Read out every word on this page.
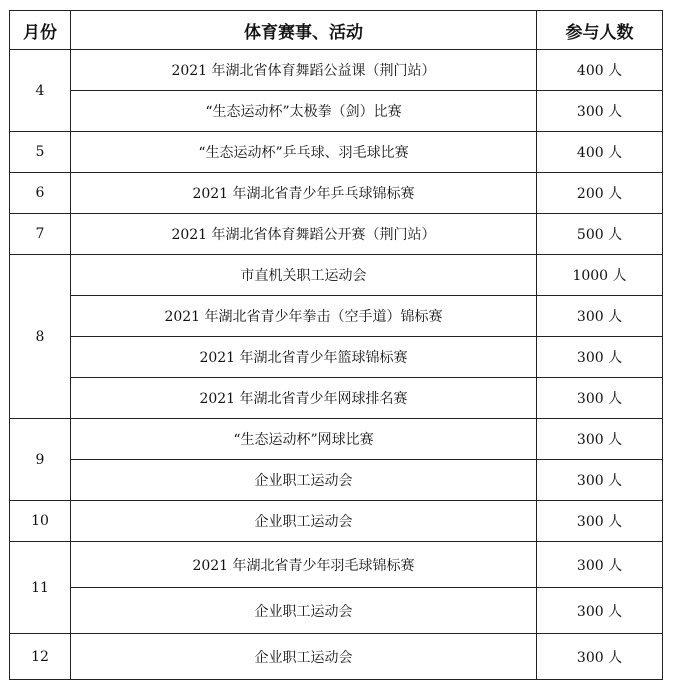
月份	体育赛事、活动	参与人数
4	2021 年湖北省体育舞蹈公益课（荆门站）	400 人
	“生态运动杯”太极拳（剑）比赛	300 人
5	“生态运动杯”乒乓球、羽毛球比赛	400 人
6	2021 年湖北省青少年乒乓球锦标赛	200 人
7	2021 年湖北省体育舞蹈公开赛（荆门站）	500 人
8	市直机关职工运动会	1000 人
	2021 年湖北省青少年拳击（空手道）锦标赛	300 人
	2021 年湖北省青少年篮球锦标赛	300 人
	2021 年湖北省青少年网球排名赛	300 人
9	“生态运动杯”网球比赛	300 人
	企业职工运动会	300 人
10	企业职工运动会	300 人
11	2021 年湖北省青少年羽毛球锦标赛	300 人
	企业职工运动会	300 人
12	企业职工运动会	300 人
